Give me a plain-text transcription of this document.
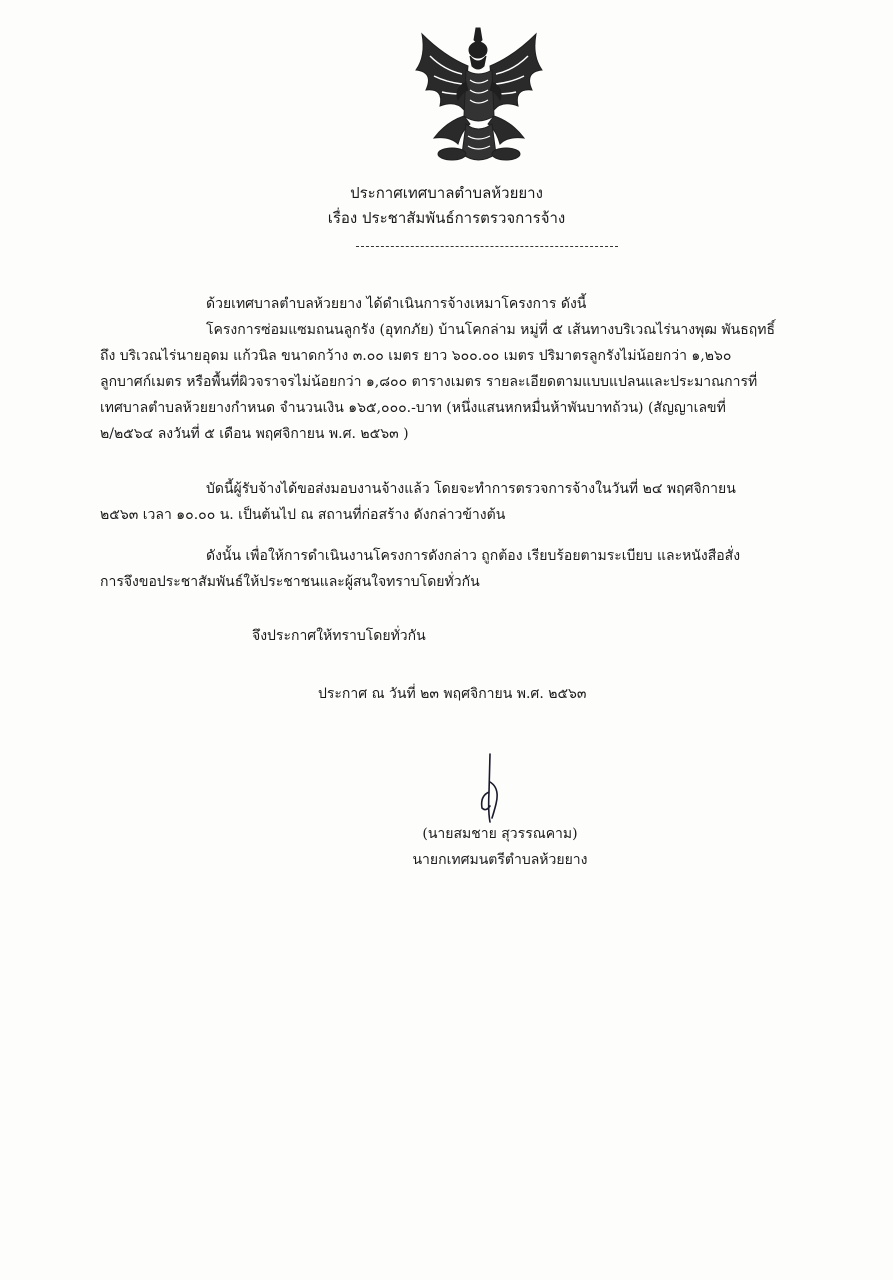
ประกาศเทศบาลตำบลห้วยยาง
เรื่อง ประชาสัมพันธ์การตรวจการจ้าง
ด้วยเทศบาลตำบลห้วยยาง ได้ดำเนินการจ้างเหมาโครงการ ดังนี้
โครงการซ่อมแซมถนนลูกรัง (อุทกภัย) บ้านโคกล่าม หมู่ที่ ๕ เส้นทางบริเวณไร่นางพุฒ พันธฤทธิ์
ถึง บริเวณไร่นายอุดม แก้วนิล ขนาดกว้าง ๓.๐๐ เมตร ยาว ๖๐๐.๐๐ เมตร ปริมาตรลูกรังไม่น้อยกว่า ๑,๒๖๐
ลูกบาศก์เมตร หรือพื้นที่ผิวจราจรไม่น้อยกว่า ๑,๘๐๐ ตารางเมตร รายละเอียดตามแบบแปลนและประมาณการที่
เทศบาลตำบลห้วยยางกำหนด จำนวนเงิน ๑๖๕,๐๐๐.-บาท (หนึ่งแสนหกหมื่นห้าพันบาทถ้วน) (สัญญาเลขที่
๒/๒๕๖๔ ลงวันที่ ๕ เดือน พฤศจิกายน พ.ศ. ๒๕๖๓ )
บัดนี้ผู้รับจ้างได้ขอส่งมอบงานจ้างแล้ว โดยจะทำการตรวจการจ้างในวันที่ ๒๔ พฤศจิกายน
๒๕๖๓ เวลา ๑๐.๐๐ น. เป็นต้นไป ณ สถานที่ก่อสร้าง ดังกล่าวข้างต้น
ดังนั้น เพื่อให้การดำเนินงานโครงการดังกล่าว ถูกต้อง เรียบร้อยตามระเบียบ และหนังสือสั่ง
การจึงขอประชาสัมพันธ์ให้ประชาชนและผู้สนใจทราบโดยทั่วกัน
จึงประกาศให้ทราบโดยทั่วกัน
ประกาศ ณ วันที่ ๒๓ พฤศจิกายน พ.ศ. ๒๕๖๓
(นายสมชาย สุวรรณคาม)
นายกเทศมนตรีตำบลห้วยยาง
